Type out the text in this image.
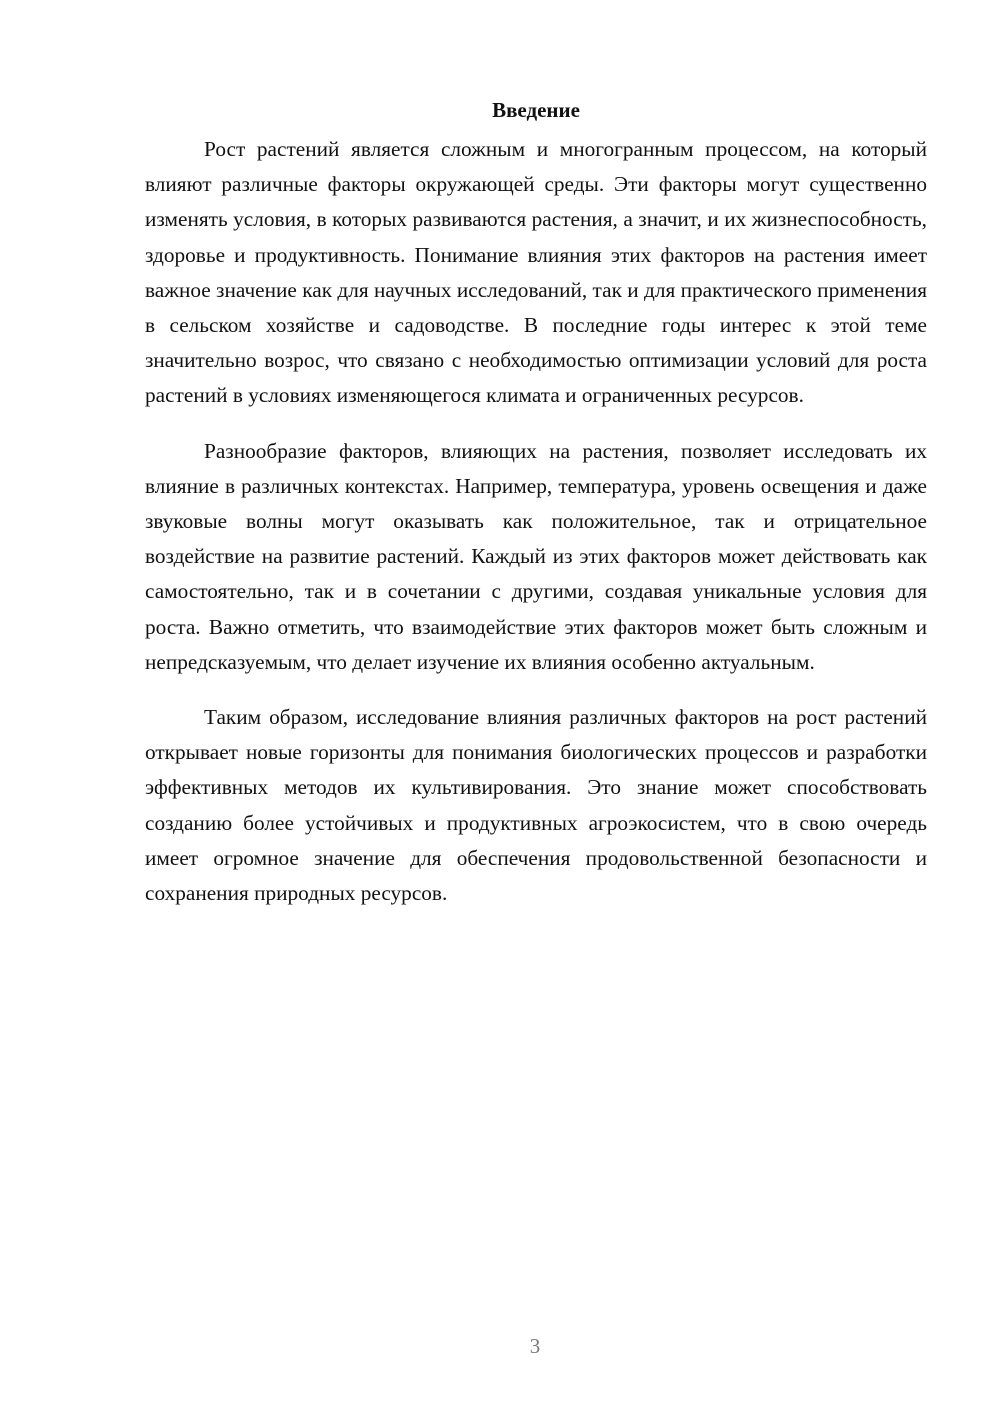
Введение

Рост растений является сложным и многогранным процессом, на который влияют различные факторы окружающей среды. Эти факторы могут существенно изменять условия, в которых развиваются растения, а значит, и их жизнеспособность, здоровье и продуктивность. Понимание влияния этих факторов на растения имеет важное значение как для научных исследований, так и для практического применения в сельском хозяйстве и садоводстве. В последние годы интерес к этой теме значительно возрос, что связано с необходимостью оптимизации условий для роста растений в условиях изменяющегося климата и ограниченных ресурсов.

Разнообразие факторов, влияющих на растения, позволяет исследовать их влияние в различных контекстах. Например, температура, уровень освещения и даже звуковые волны могут оказывать как положительное, так и отрицательное воздействие на развитие растений. Каждый из этих факторов может действовать как самостоятельно, так и в сочетании с другими, создавая уникальные условия для роста. Важно отметить, что взаимодействие этих факторов может быть сложным и непредсказуемым, что делает изучение их влияния особенно актуальным.

Таким образом, исследование влияния различных факторов на рост растений открывает новые горизонты для понимания биологических процессов и разработки эффективных методов их культивирования. Это знание может способствовать созданию более устойчивых и продуктивных агроэкосистем, что в свою очередь имеет огромное значение для обеспечения продовольственной безопасности и сохранения природных ресурсов.

3
